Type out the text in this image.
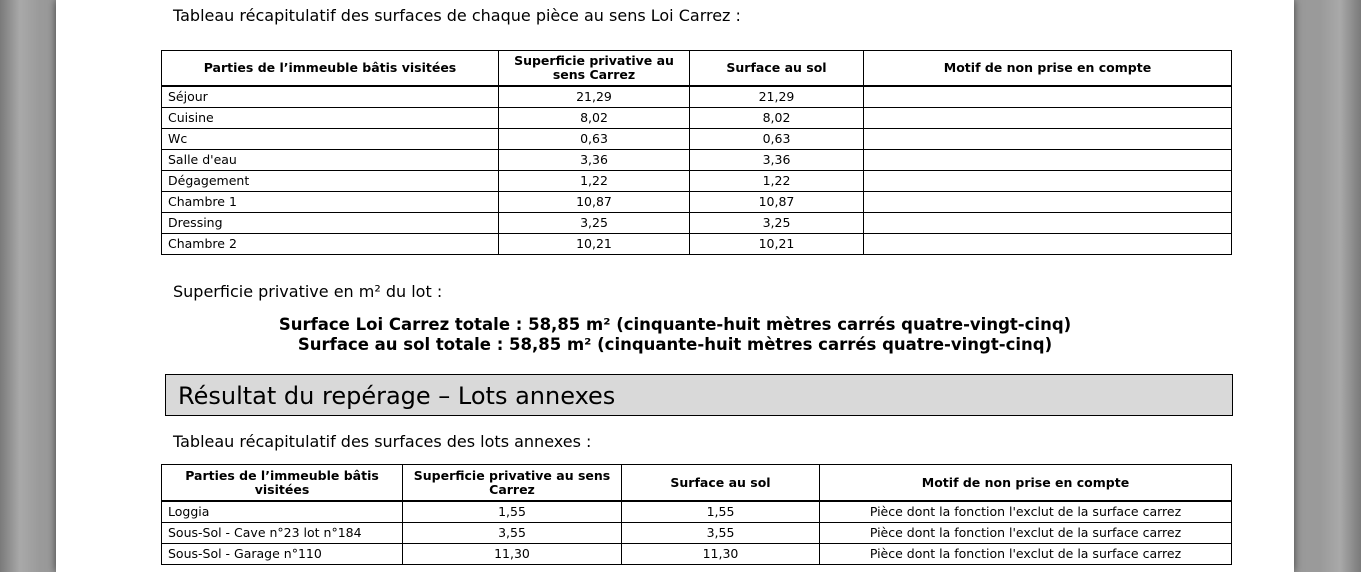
Tableau récapitulatif des surfaces de chaque pièce au sens Loi Carrez :
Parties de l’immeuble bâtis visitées	Superficie privative au sens Carrez	Surface au sol	Motif de non prise en compte
Séjour	21,29	21,29	
Cuisine	8,02	8,02	
Wc	0,63	0,63	
Salle d'eau	3,36	3,36	
Dégagement	1,22	1,22	
Chambre 1	10,87	10,87	
Dressing	3,25	3,25	
Chambre 2	10,21	10,21	
Superficie privative en m² du lot :
Surface Loi Carrez totale : 58,85 m² (cinquante-huit mètres carrés quatre-vingt-cinq)
Surface au sol totale : 58,85 m² (cinquante-huit mètres carrés quatre-vingt-cinq)
Résultat du repérage – Lots annexes
Tableau récapitulatif des surfaces des lots annexes :
Parties de l’immeuble bâtis visitées	Superficie privative au sens Carrez	Surface au sol	Motif de non prise en compte
Loggia	1,55	1,55	Pièce dont la fonction l'exclut de la surface carrez
Sous-Sol - Cave n°23 lot n°184	3,55	3,55	Pièce dont la fonction l'exclut de la surface carrez
Sous-Sol - Garage n°110	11,30	11,30	Pièce dont la fonction l'exclut de la surface carrez
